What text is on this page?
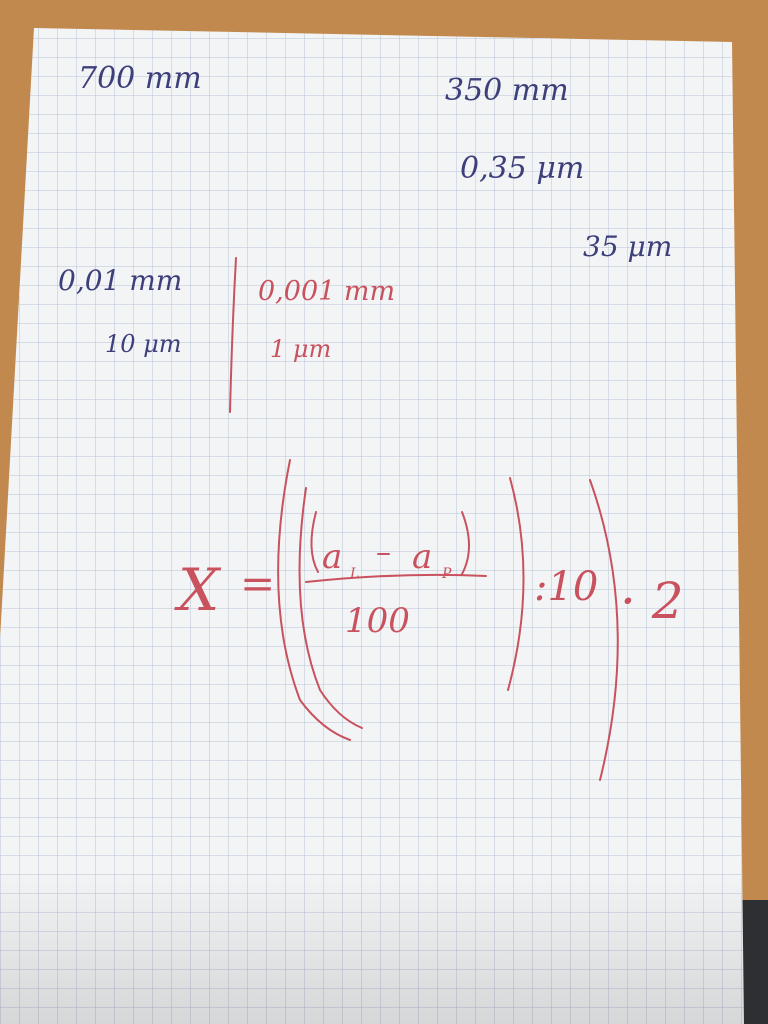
700 mm	350 mm
0,35 μm
35 μm
0,01 mm
10 μm
0,001 mm
1 μm
X =
a L
– a P
100
:10 · 2
